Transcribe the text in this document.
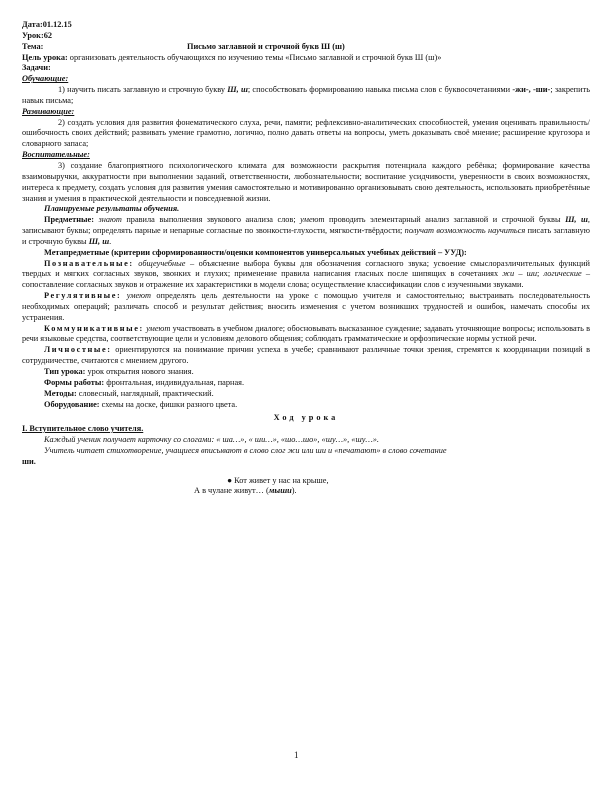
Дата:01.12.15

Урок:62

Тема:	Письмо заглавной и строчной букв Ш (ш)

Цель урока: организовать деятельность обучающихся по изучению темы «Письмо заглавной и строчной букв Ш (ш)»

Задачи:

Обучающие:

1) научить писать заглавную и строчную букву Ш, ш; способствовать формированию навыка письма слов с буквосочетаниями -жи-, -ши-; закрепить навык письма;

Развивающие:

2) создать условия для развития фонематического слуха, речи, памяти; рефлексивно-аналитических способностей, умения оценивать правильность/ошибочность своих действий; развивать умение грамотно, логично, полно давать ответы на вопросы, уметь доказывать своё мнение; расширение кругозора и словарного запаса;

Воспитательные:

3) создание благоприятного психологического климата для возможности раскрытия потенциала каждого ребёнка; формирование качества взаимовыручки, аккуратности при выполнении заданий, ответственности, любознательности; воспитание усидчивости, уверенности в своих возможностях, интереса к предмету, создать условия для развития умения самостоятельно и мотивированно организовывать свою деятельность, использовать приобретённые знания и умения в практической деятельности и повседневной жизни.

Планируемые результаты обучения.

Предметные: знают правила выполнения звукового анализа слов; умеют проводить элементарный анализ заглавной и строчной буквы Ш, ш, записывают буквы; определять парные и непарные согласные по звонкости-глухости, мягкости-твёрдости; получат возможность научиться писать заглавную и строчную буквы Ш, ш.

Метапредметные (критерии сформированности/оценки компонентов универсальных учебных действий – УУД):

Познавательные: общеучебные – объяснение выбора буквы для обозначения согласного звука; усвоение смыслоразличительных функций твердых и мягких согласных звуков, звонких и глухих; применение правила написания гласных после шипящих в сочетаниях жи – ши; логические – сопоставление согласных звуков и отражение их характеристики в модели слова; осуществление классификации слов с изученными звуками.

Регулятивные: умеют определять цель деятельности на уроке с помощью учителя и самостоятельно; выстраивать последовательность необходимых операций; различать способ и результат действия; вносить изменения с учетом возникших трудностей и ошибок, намечать способы их устранения.

Коммуникативные: умеют участвовать в учебном диалоге; обосновывать высказанное суждение; задавать уточняющие вопросы; использовать в речи языковые средства, соответствующие цели и условиям делового общения; соблюдать грамматические и орфоэпические нормы устной речи.

Личностные: ориентируются на понимание причин успеха в учебе; сравнивают различные точки зрения, стремятся к координации позиций в сотрудничестве, считаются с мнением другого.

Тип урока: урок открытия нового знания.

Формы работы: фронтальная, индивидуальная, парная.

Методы: словесный, наглядный, практический.

Оборудование: схемы на доске, фишки разного цвета.

Ход урока

I. Вступительное слово учителя.

Каждый ученик получает карточку со слогами: « ша…», « ши…», «шо…шо», «шу…», «шу…».

Учитель читает стихотворение, учащиеся вписывают в слово слог жи или ши и «печатают» в слово сочетание

ши.

● Кот живет у нас на крыше,

А в чулане живут… (мыши).

1
